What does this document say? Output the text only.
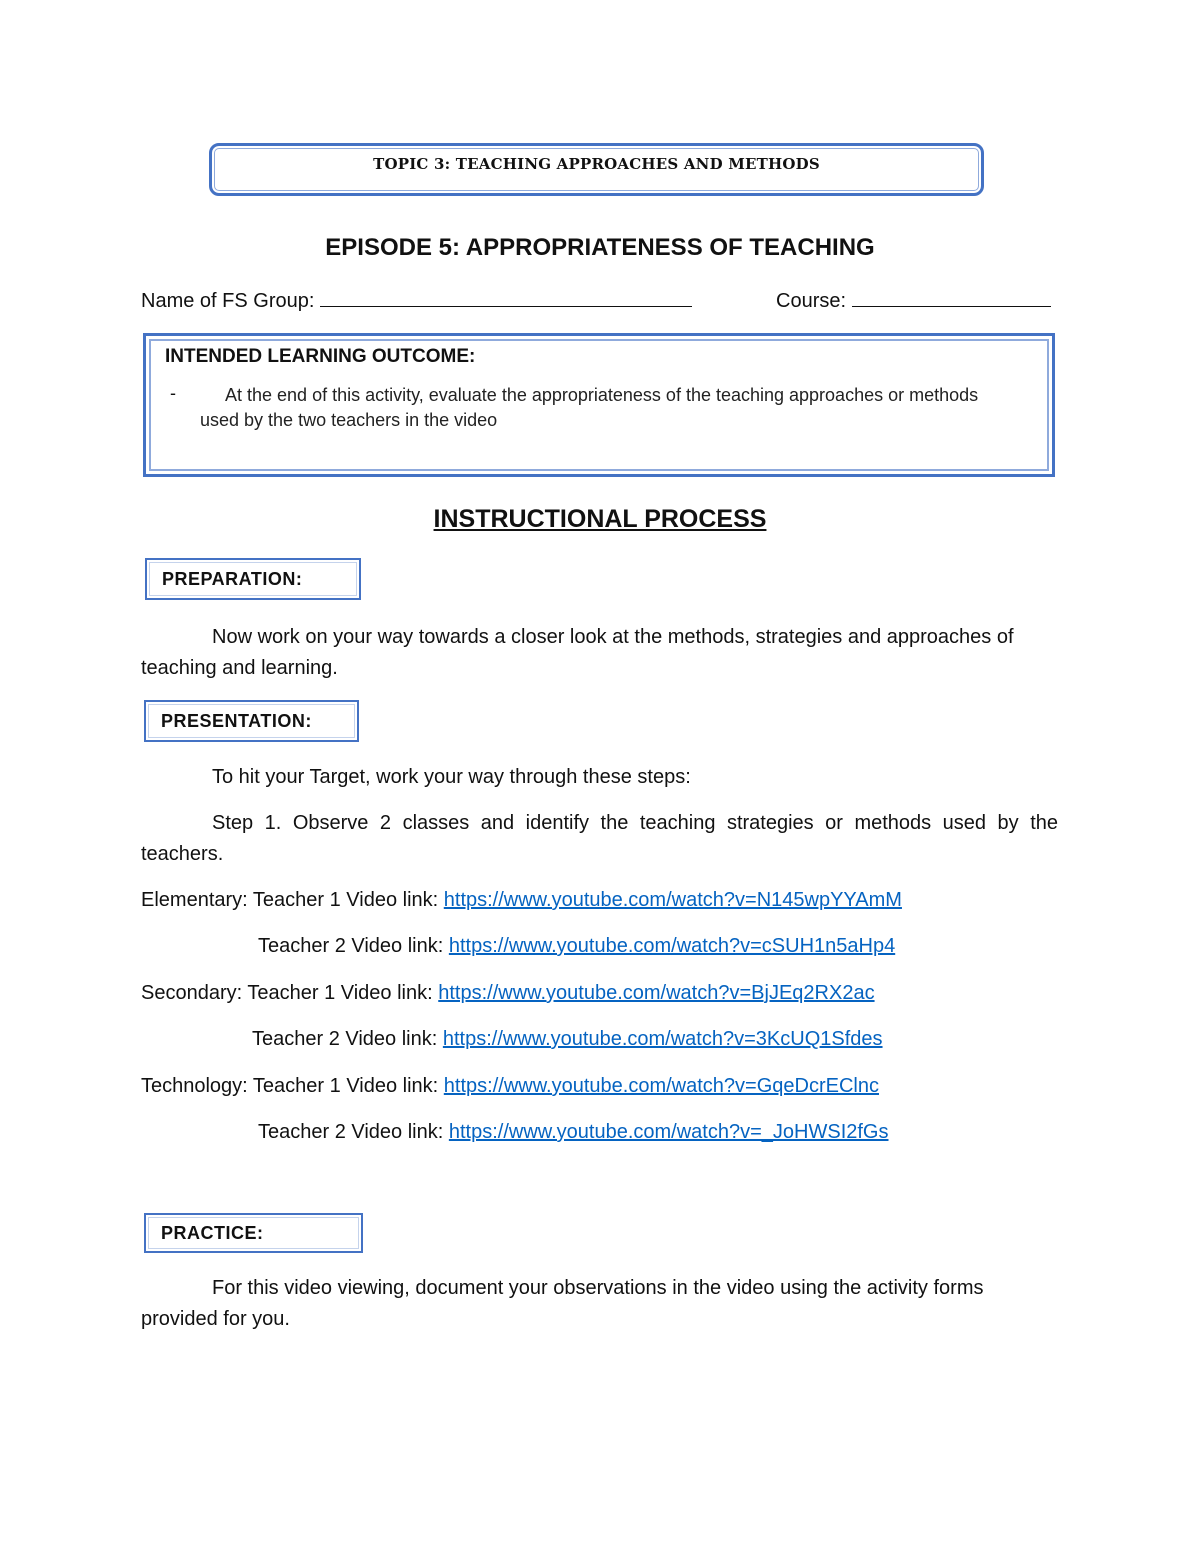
TOPIC 3: TEACHING APPROACHES AND METHODS
EPISODE 5: APPROPRIATENESS OF TEACHING
Name of FS Group:	Course:
INTENDED LEARNING OUTCOME:
-	At the end of this activity, evaluate the appropriateness of the teaching approaches or methods used by the two teachers in the video
INSTRUCTIONAL PROCESS
PREPARATION:
Now work on your way towards a closer look at the methods, strategies and approaches of teaching and learning.
PRESENTATION:
To hit your Target, work your way through these steps:
Step 1. Observe 2 classes and identify the teaching strategies or methods used by the teachers.
Elementary: Teacher 1 Video link: https://www.youtube.com/watch?v=N145wpYYAmM
Teacher 2 Video link: https://www.youtube.com/watch?v=cSUH1n5aHp4
Secondary: Teacher 1 Video link: https://www.youtube.com/watch?v=BjJEq2RX2ac
Teacher 2 Video link: https://www.youtube.com/watch?v=3KcUQ1Sfdes
Technology: Teacher 1 Video link: https://www.youtube.com/watch?v=GqeDcrEClnc
Teacher 2 Video link: https://www.youtube.com/watch?v=_JoHWSI2fGs
PRACTICE:
For this video viewing, document your observations in the video using the activity forms provided for you.
